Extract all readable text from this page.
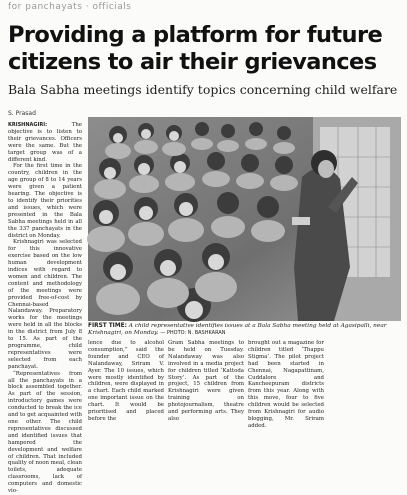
for panchayats · officials
Providing a platform for future
citizens to air their grievances

Bala Sabha meetings identify topics concerning child welfare

S. Prasad

KRISHNAGIRI:	The objective is to listen to their grievances. Officers were the same. But the target group was of a different kind.

For the first time in the country, children in the age group of 8 to 14 years were given a patient hearing. The objective is to identify their priorities and issues, which were presented in the Bala Sabha meetings held in all the 337 panchayats in the district on Monday.

Krishnagiri was selected for this innovative exercise based on the low human development indices with regard to women and children. The content and methodology of the meetings were provided free-of-cost by Chennai-based Nalandaway. Preparatory works for the meetings were held in all the blocks in the district from July 8 to 15. As part of the programme, child representatives were selected from each panchayat.

“Representatives from all the panchayats in a block assembled together. As part of the session, introductory games were conducted to break the ice and to get acquainted with one other. The child representatives discussed and identified issues that hampered the development and welfare of children. That included quality of noon meal, clean toilets, adequate classrooms, lack of computers and domestic vio-

FIRST TIME: A child representative identifies issues at a Bala Sabha meeting held at Agasipalli, near Krishnagiri, on Monday. — PHOTO: N. BASHKARAN

lence due to alcohol consumption,” said the founder and CEO of Nalandaway, Sriram V. Ayer. The 10 issues, which were mostly identified by children, were displayed in a chart. Each child marked one important issue on the chart. It would be prioritised and placed before the

Gram Sabha meetings to be held on Tuesday. Nalandaway was also involved in a media project for children titled ‘Kattoda Story’. As part of the project, 15 children from Krishnagiri were given training on photojournalism, theatre and performing arts. They also

brought out a magazine for children titled ‘Thappu Stigma’. The pilot project had been started in Chennai, Nagapattinam, Cuddalore and Kancheepuram districts from this year. Along with this move, four to five children would be selected from Krishnagiri for audio blogging, Mr. Sriram added.
